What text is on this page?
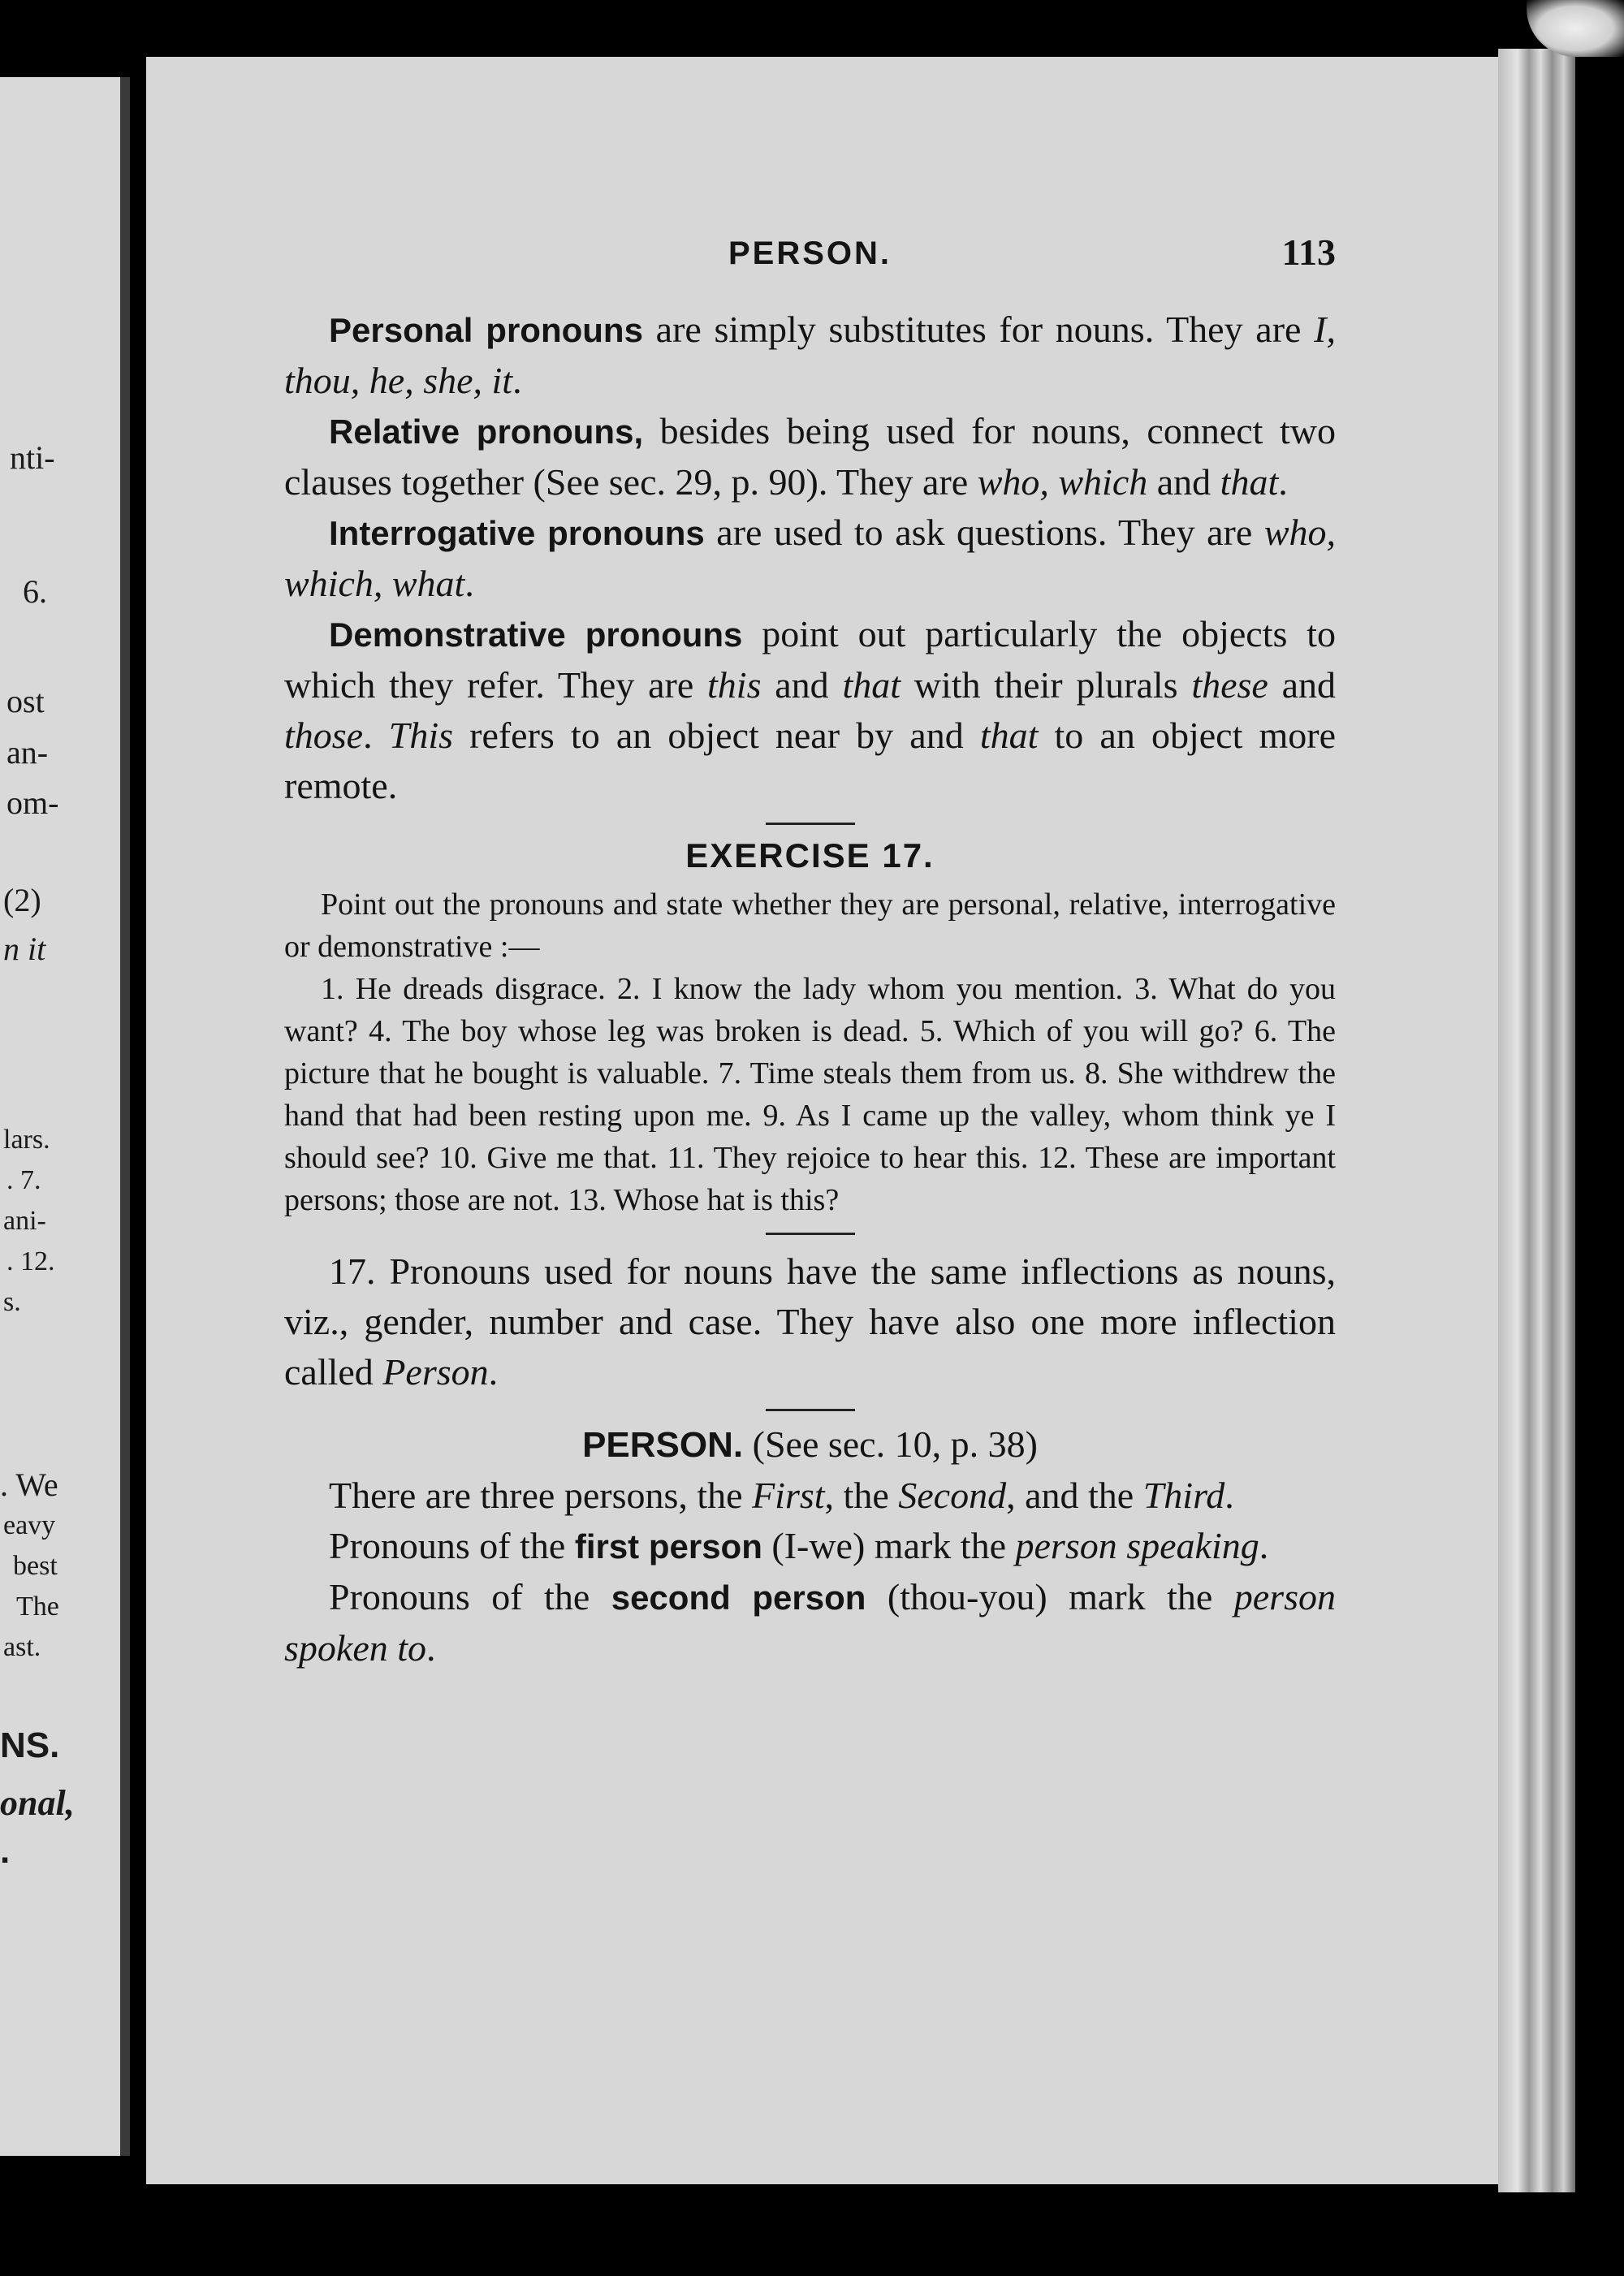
nti-
6.
ost
an-
om-
(2)
n it
lars.
. 7.
ani-
. 12.
s.
. We
eavy
best
The
ast.
NS.
onal,
.
PERSON.	113

Personal pronouns are simply substitutes for nouns. They are I, thou, he, she, it.

Relative pronouns, besides being used for nouns, connect two clauses together (See sec. 29, p. 90). They are who, which and that.

Interrogative pronouns are used to ask questions. They are who, which, what.

Demonstrative pronouns point out particularly the objects to which they refer. They are this and that with their plurals these and those. This refers to an object near by and that to an object more remote.

EXERCISE 17.

Point out the pronouns and state whether they are personal, relative, interrogative or demonstrative :—

1. He dreads disgrace. 2. I know the lady whom you mention. 3. What do you want? 4. The boy whose leg was broken is dead. 5. Which of you will go? 6. The picture that he bought is valuable. 7. Time steals them from us. 8. She withdrew the hand that had been resting upon me. 9. As I came up the valley, whom think ye I should see? 10. Give me that. 11. They rejoice to hear this. 12. These are important persons; those are not. 13. Whose hat is this?

17. Pronouns used for nouns have the same inflections as nouns, viz., gender, number and case. They have also one more inflection called Person.

PERSON. (See sec. 10, p. 38)

There are three persons, the First, the Second, and the Third.

Pronouns of the first person (I-we) mark the person speaking.

Pronouns of the second person (thou-you) mark the person spoken to.
